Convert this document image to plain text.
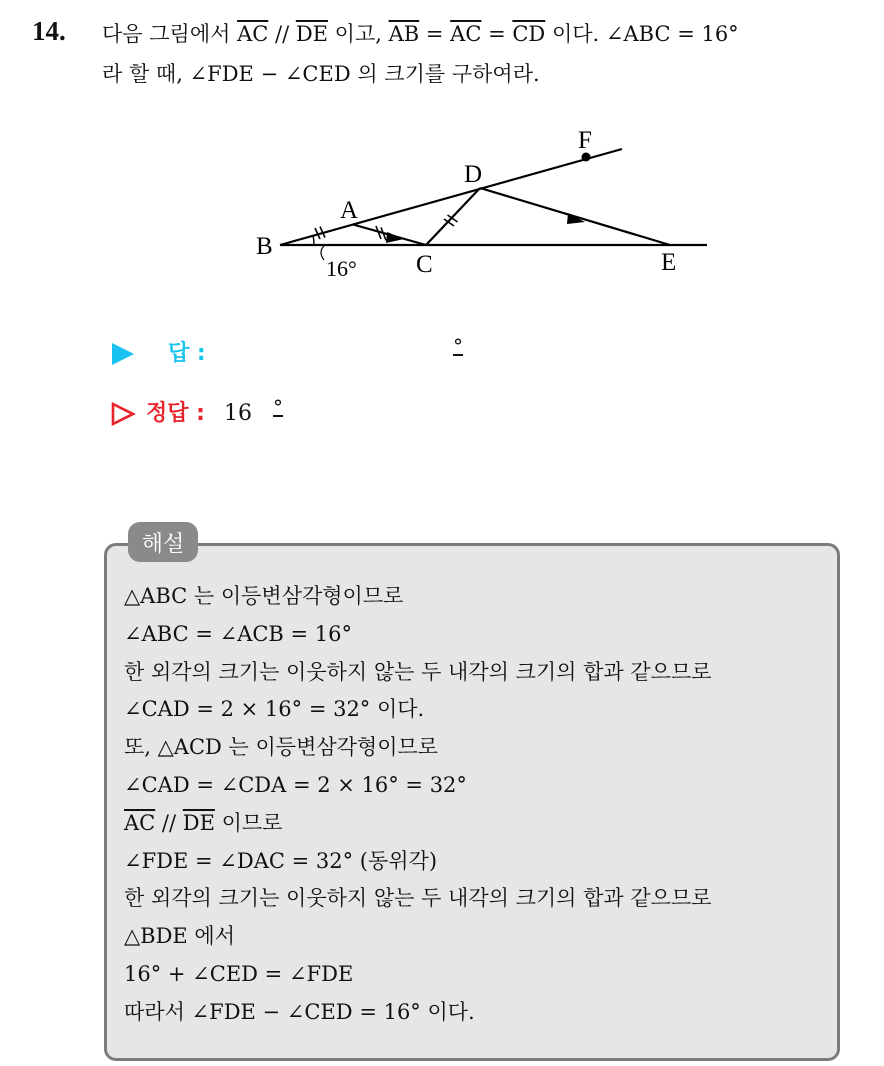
14. 다음 그림에서 $\overline{AC} // \overline{DE}$ 이고, $\overline{AB} = \overline{AC} = \overline{CD}$ 이다. ∠ABC = 16°
라 할 때, ∠FDE − ∠CED 의 크기를 구하여라.
B
A
C
D
E
F
16°
답 :	°
정답 : 16 °
해설
△ABC 는 이등변삼각형이므로
∠ABC = ∠ACB = 16°
한 외각의 크기는 이웃하지 않는 두 내각의 크기의 합과 같으므로
∠CAD = 2 × 16° = 32° 이다.
또, △ACD 는 이등변삼각형이므로
∠CAD = ∠CDA = 2 × 16° = 32°
$\overline{AC} // \overline{DE}$ 이므로
∠FDE = ∠DAC = 32° (동위각)
한 외각의 크기는 이웃하지 않는 두 내각의 크기의 합과 같으므로
△BDE 에서
16° + ∠CED = ∠FDE
따라서 ∠FDE − ∠CED = 16° 이다.
